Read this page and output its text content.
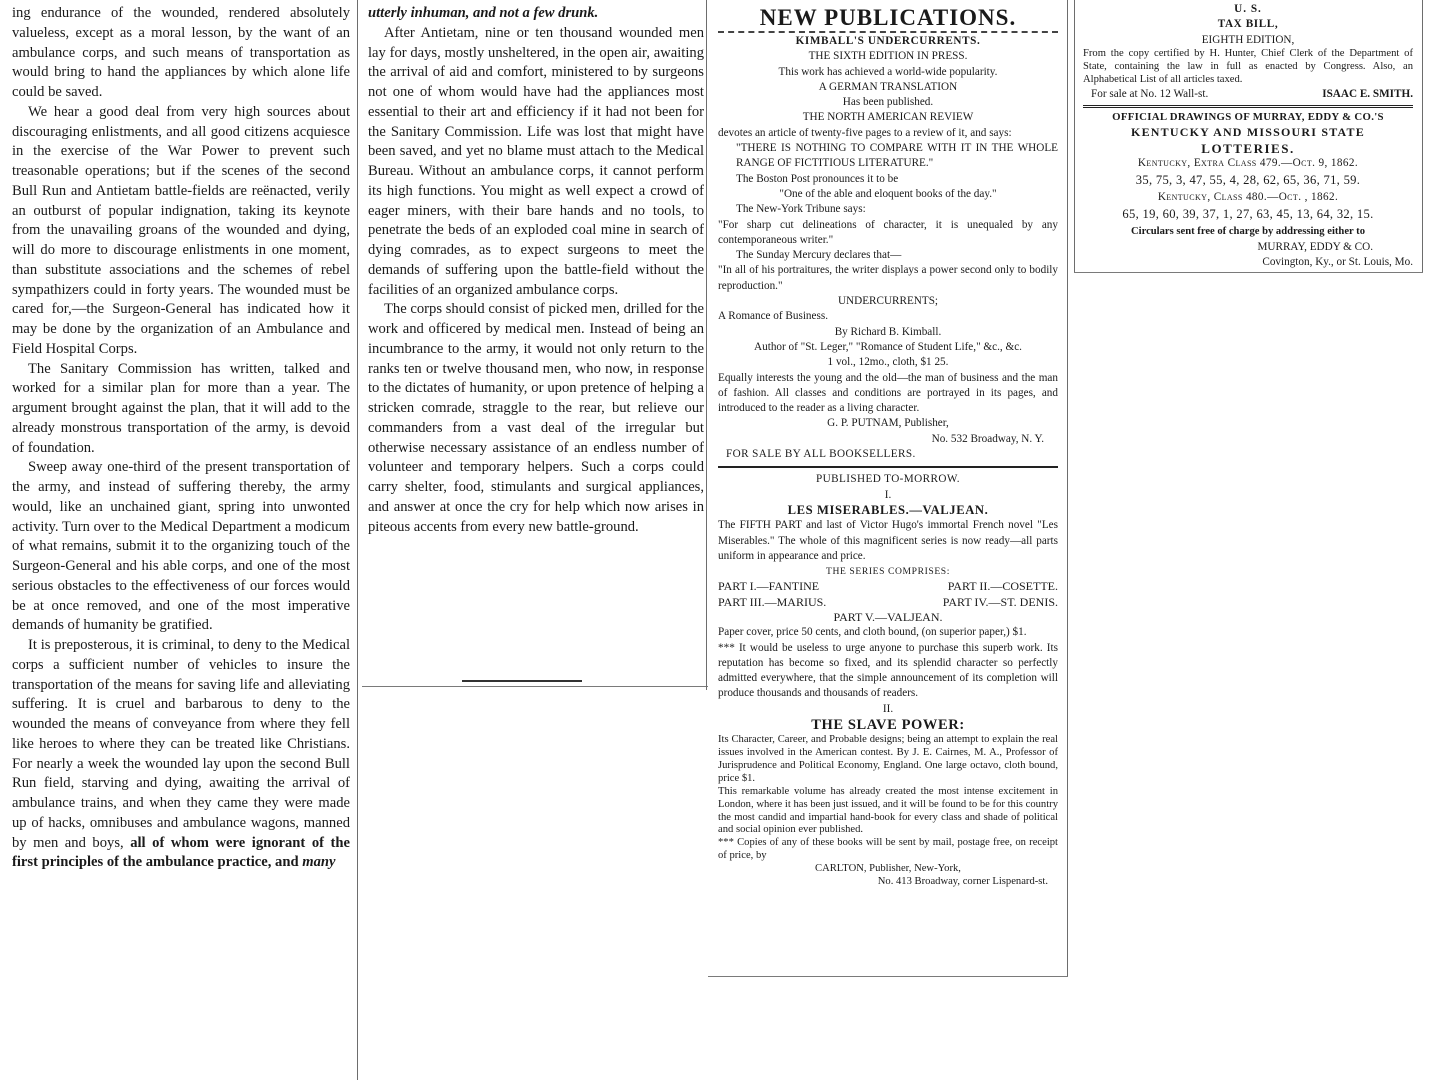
ing endurance of the wounded, rendered absolutely valueless, except as a moral lesson, by the want of an ambulance corps, and such means of transportation as would bring to hand the appliances by which alone life could be saved.

We hear a good deal from very high sources about discouraging enlistments, and all good citizens acquiesce in the exercise of the War Power to prevent such treasonable operations; but if the scenes of the second Bull Run and Antietam battle-fields are reënacted, verily an outburst of popular indignation, taking its keynote from the unavailing groans of the wounded and dying, will do more to discourage enlistments in one moment, than substitute associations and the schemes of rebel sympathizers could in forty years. The wounded must be cared for,—the Surgeon-General has indicated how it may be done by the organization of an Ambulance and Field Hospital Corps.

The Sanitary Commission has written, talked and worked for a similar plan for more than a year. The argument brought against the plan, that it will add to the already monstrous transportation of the army, is devoid of foundation.

Sweep away one-third of the present transportation of the army, and instead of suffering thereby, the army would, like an unchained giant, spring into unwonted activity. Turn over to the Medical Department a modicum of what remains, submit it to the organizing touch of the Surgeon-General and his able corps, and one of the most serious obstacles to the effectiveness of our forces would be at once removed, and one of the most imperative demands of humanity be gratified.

It is preposterous, it is criminal, to deny to the Medical corps a sufficient number of vehicles to insure the transportation of the means for saving life and alleviating suffering. It is cruel and barbarous to deny to the wounded the means of conveyance from where they fell like heroes to where they can be treated like Christians. For nearly a week the wounded lay upon the second Bull Run field, starving and dying, awaiting the arrival of ambulance trains, and when they came they were made up of hacks, omnibuses and ambulance wagons, manned by men and boys, all of whom were ignorant of the first principles of the ambulance practice, and many

utterly inhuman, and not a few drunk.

After Antietam, nine or ten thousand wounded men lay for days, mostly unsheltered, in the open air, awaiting the arrival of aid and comfort, ministered to by surgeons not one of whom would have had the appliances most essential to their art and efficiency if it had not been for the Sanitary Commission. Life was lost that might have been saved, and yet no blame must attach to the Medical Bureau. Without an ambulance corps, it cannot perform its high functions. You might as well expect a crowd of eager miners, with their bare hands and no tools, to penetrate the beds of an exploded coal mine in search of dying comrades, as to expect surgeons to meet the demands of suffering upon the battle-field without the facilities of an organized ambulance corps.

The corps should consist of picked men, drilled for the work and officered by medical men. Instead of being an incumbrance to the army, it would not only return to the ranks ten or twelve thousand men, who now, in response to the dictates of humanity, or upon pretence of helping a stricken comrade, straggle to the rear, but relieve our commanders from a vast deal of the irregular but otherwise necessary assistance of an endless number of volunteer and temporary helpers. Such a corps could carry shelter, food, stimulants and surgical appliances, and answer at once the cry for help which now arises in piteous accents from every new battle-ground.

NEW PUBLICATIONS.
KIMBALL'S UNDERCURRENTS.
THE SIXTH EDITION IN PRESS.
This work has achieved a world-wide popularity.
A GERMAN TRANSLATION
Has been published.
THE NORTH AMERICAN REVIEW
devotes an article of twenty-five pages to a review of it, and says:
"THERE IS NOTHING TO COMPARE WITH IT IN THE WHOLE RANGE OF FICTITIOUS LITERATURE."
The Boston Post pronounces it to be
"One of the able and eloquent books of the day."
The New-York Tribune says:
"For sharp cut delineations of character, it is unequaled by any contemporaneous writer."
The Sunday Mercury declares that—
"In all of his portraitures, the writer displays a power second only to bodily reproduction."
UNDERCURRENTS;
A Romance of Business.
By Richard B. Kimball.
Author of "St. Leger," "Romance of Student Life," &c., &c.
1 vol., 12mo., cloth, $1 25.
Equally interests the young and the old—the man of business and the man of fashion. All classes and conditions are portrayed in its pages, and introduced to the reader as a living character.
G. P. PUTNAM, Publisher,
No. 532 Broadway, N. Y.
FOR SALE BY ALL BOOKSELLERS.
PUBLISHED TO-MORROW.
I.
LES MISERABLES.—VALJEAN.
The FIFTH PART and last of Victor Hugo's immortal French novel "Les Miserables." The whole of this magnificent series is now ready—all parts uniform in appearance and price.
THE SERIES COMPRISES:
PART I.—FANTINE	PART II.—COSETTE.
PART III.—MARIUS.	PART IV.—ST. DENIS.
PART V.—VALJEAN.
Paper cover, price 50 cents, and cloth bound, (on superior paper,) $1.
*** It would be useless to urge anyone to purchase this superb work. Its reputation has become so fixed, and its splendid character so perfectly admitted everywhere, that the simple announcement of its completion will produce thousands and thousands of readers.
II.
THE SLAVE POWER:
Its Character, Career, and Probable designs; being an attempt to explain the real issues involved in the American contest. By J. E. Cairnes, M. A., Professor of Jurisprudence and Political Economy, England. One large octavo, cloth bound, price $1.
This remarkable volume has already created the most intense excitement in London, where it has been just issued, and it will be found to be for this country the most candid and impartial hand-book for every class and shade of political and social opinion ever published.
*** Copies of any of these books will be sent by mail, postage free, on receipt of price, by
CARLTON, Publisher, New-York,
No. 413 Broadway, corner Lispenard-st.
U. S.
TAX BILL,
EIGHTH EDITION,
From the copy certified by H. Hunter, Chief Clerk of the Department of State, containing the law in full as enacted by Congress. Also, an Alphabetical List of all articles taxed.
For sale at No. 12 Wall-st.	ISAAC E. SMITH.
OFFICIAL DRAWINGS OF MURRAY, EDDY & CO.'S
KENTUCKY AND MISSOURI STATE
LOTTERIES.
Kentucky, Extra Class 479.—Oct. 9, 1862.
35, 75, 3, 47, 55, 4, 28, 62, 65, 36, 71, 59.
Kentucky, Class 480.—Oct. , 1862.
65, 19, 60, 39, 37, 1, 27, 63, 45, 13, 64, 32, 15.
Circulars sent free of charge by addressing either to
MURRAY, EDDY & CO.
Covington, Ky., or St. Louis, Mo.
